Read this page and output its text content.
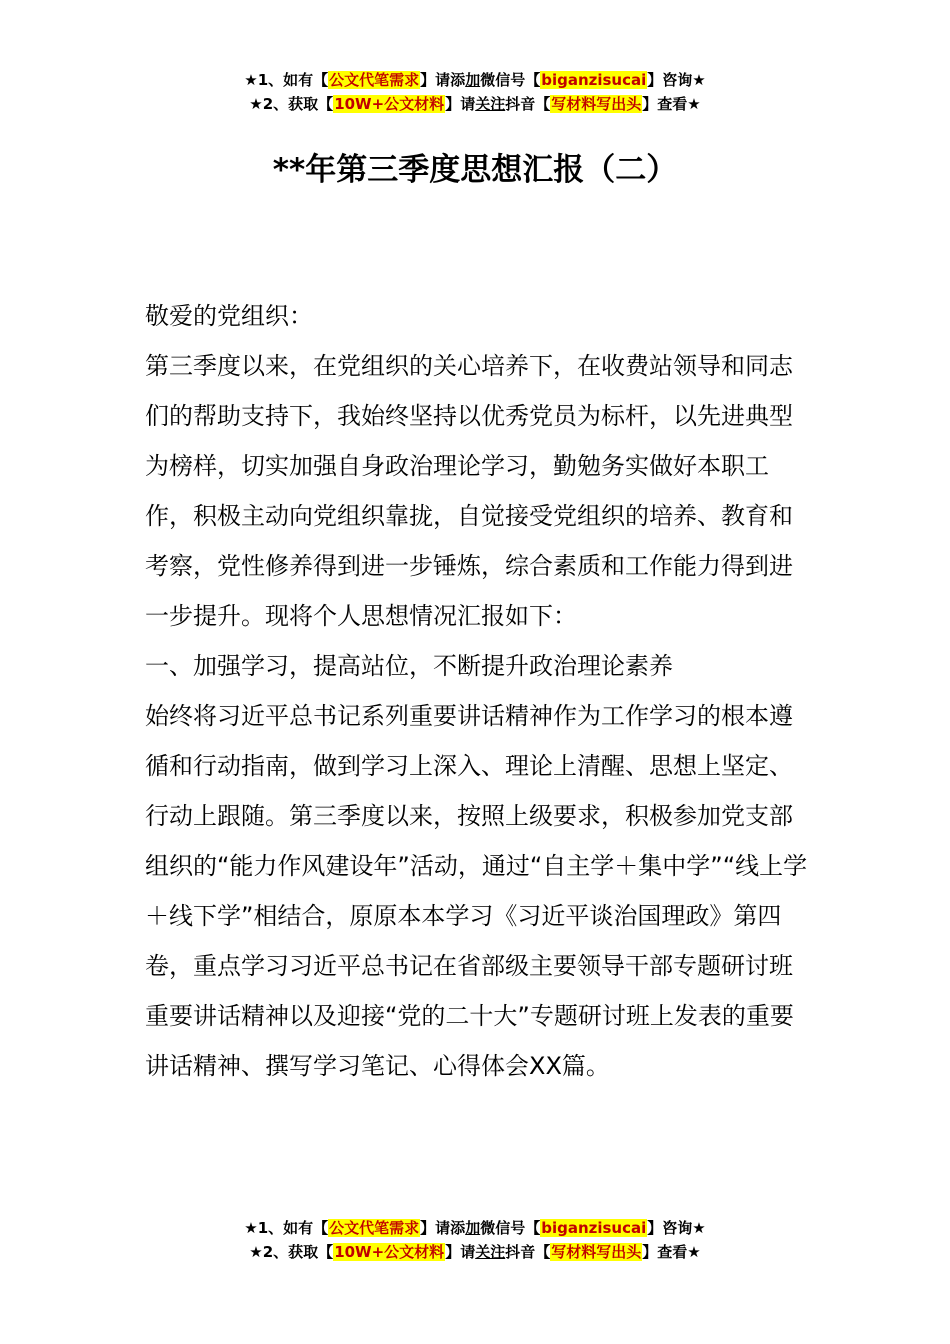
★1、如有【公文代笔需求】请添加微信号【biganzisucai】咨询★
★2、获取【10W+公文材料】请关注抖音【写材料写出头】查看★
**年第三季度思想汇报（二）

敬爱的党组织：

第三季度以来，在党组织的关心培养下，在收费站领导和同志们的帮助支持下，我始终坚持以优秀党员为标杆，以先进典型为榜样，切实加强自身政治理论学习，勤勉务实做好本职工作，积极主动向党组织靠拢，自觉接受党组织的培养、教育和考察，党性修养得到进一步锤炼，综合素质和工作能力得到进一步提升。现将个人思想情况汇报如下：

一、加强学习，提高站位，不断提升政治理论素养

始终将习近平总书记系列重要讲话精神作为工作学习的根本遵循和行动指南，做到学习上深入、理论上清醒、思想上坚定、行动上跟随。第三季度以来，按照上级要求，积极参加党支部组织的“能力作风建设年”活动，通过“自主学＋集中学”“线上学＋线下学”相结合，原原本本学习《习近平谈治国理政》第四卷，重点学习习近平总书记在省部级主要领导干部专题研讨班重要讲话精神以及迎接“党的二十大”专题研讨班上发表的重要讲话精神、撰写学习笔记、心得体会XX篇。

★1、如有【公文代笔需求】请添加微信号【biganzisucai】咨询★
★2、获取【10W+公文材料】请关注抖音【写材料写出头】查看★
